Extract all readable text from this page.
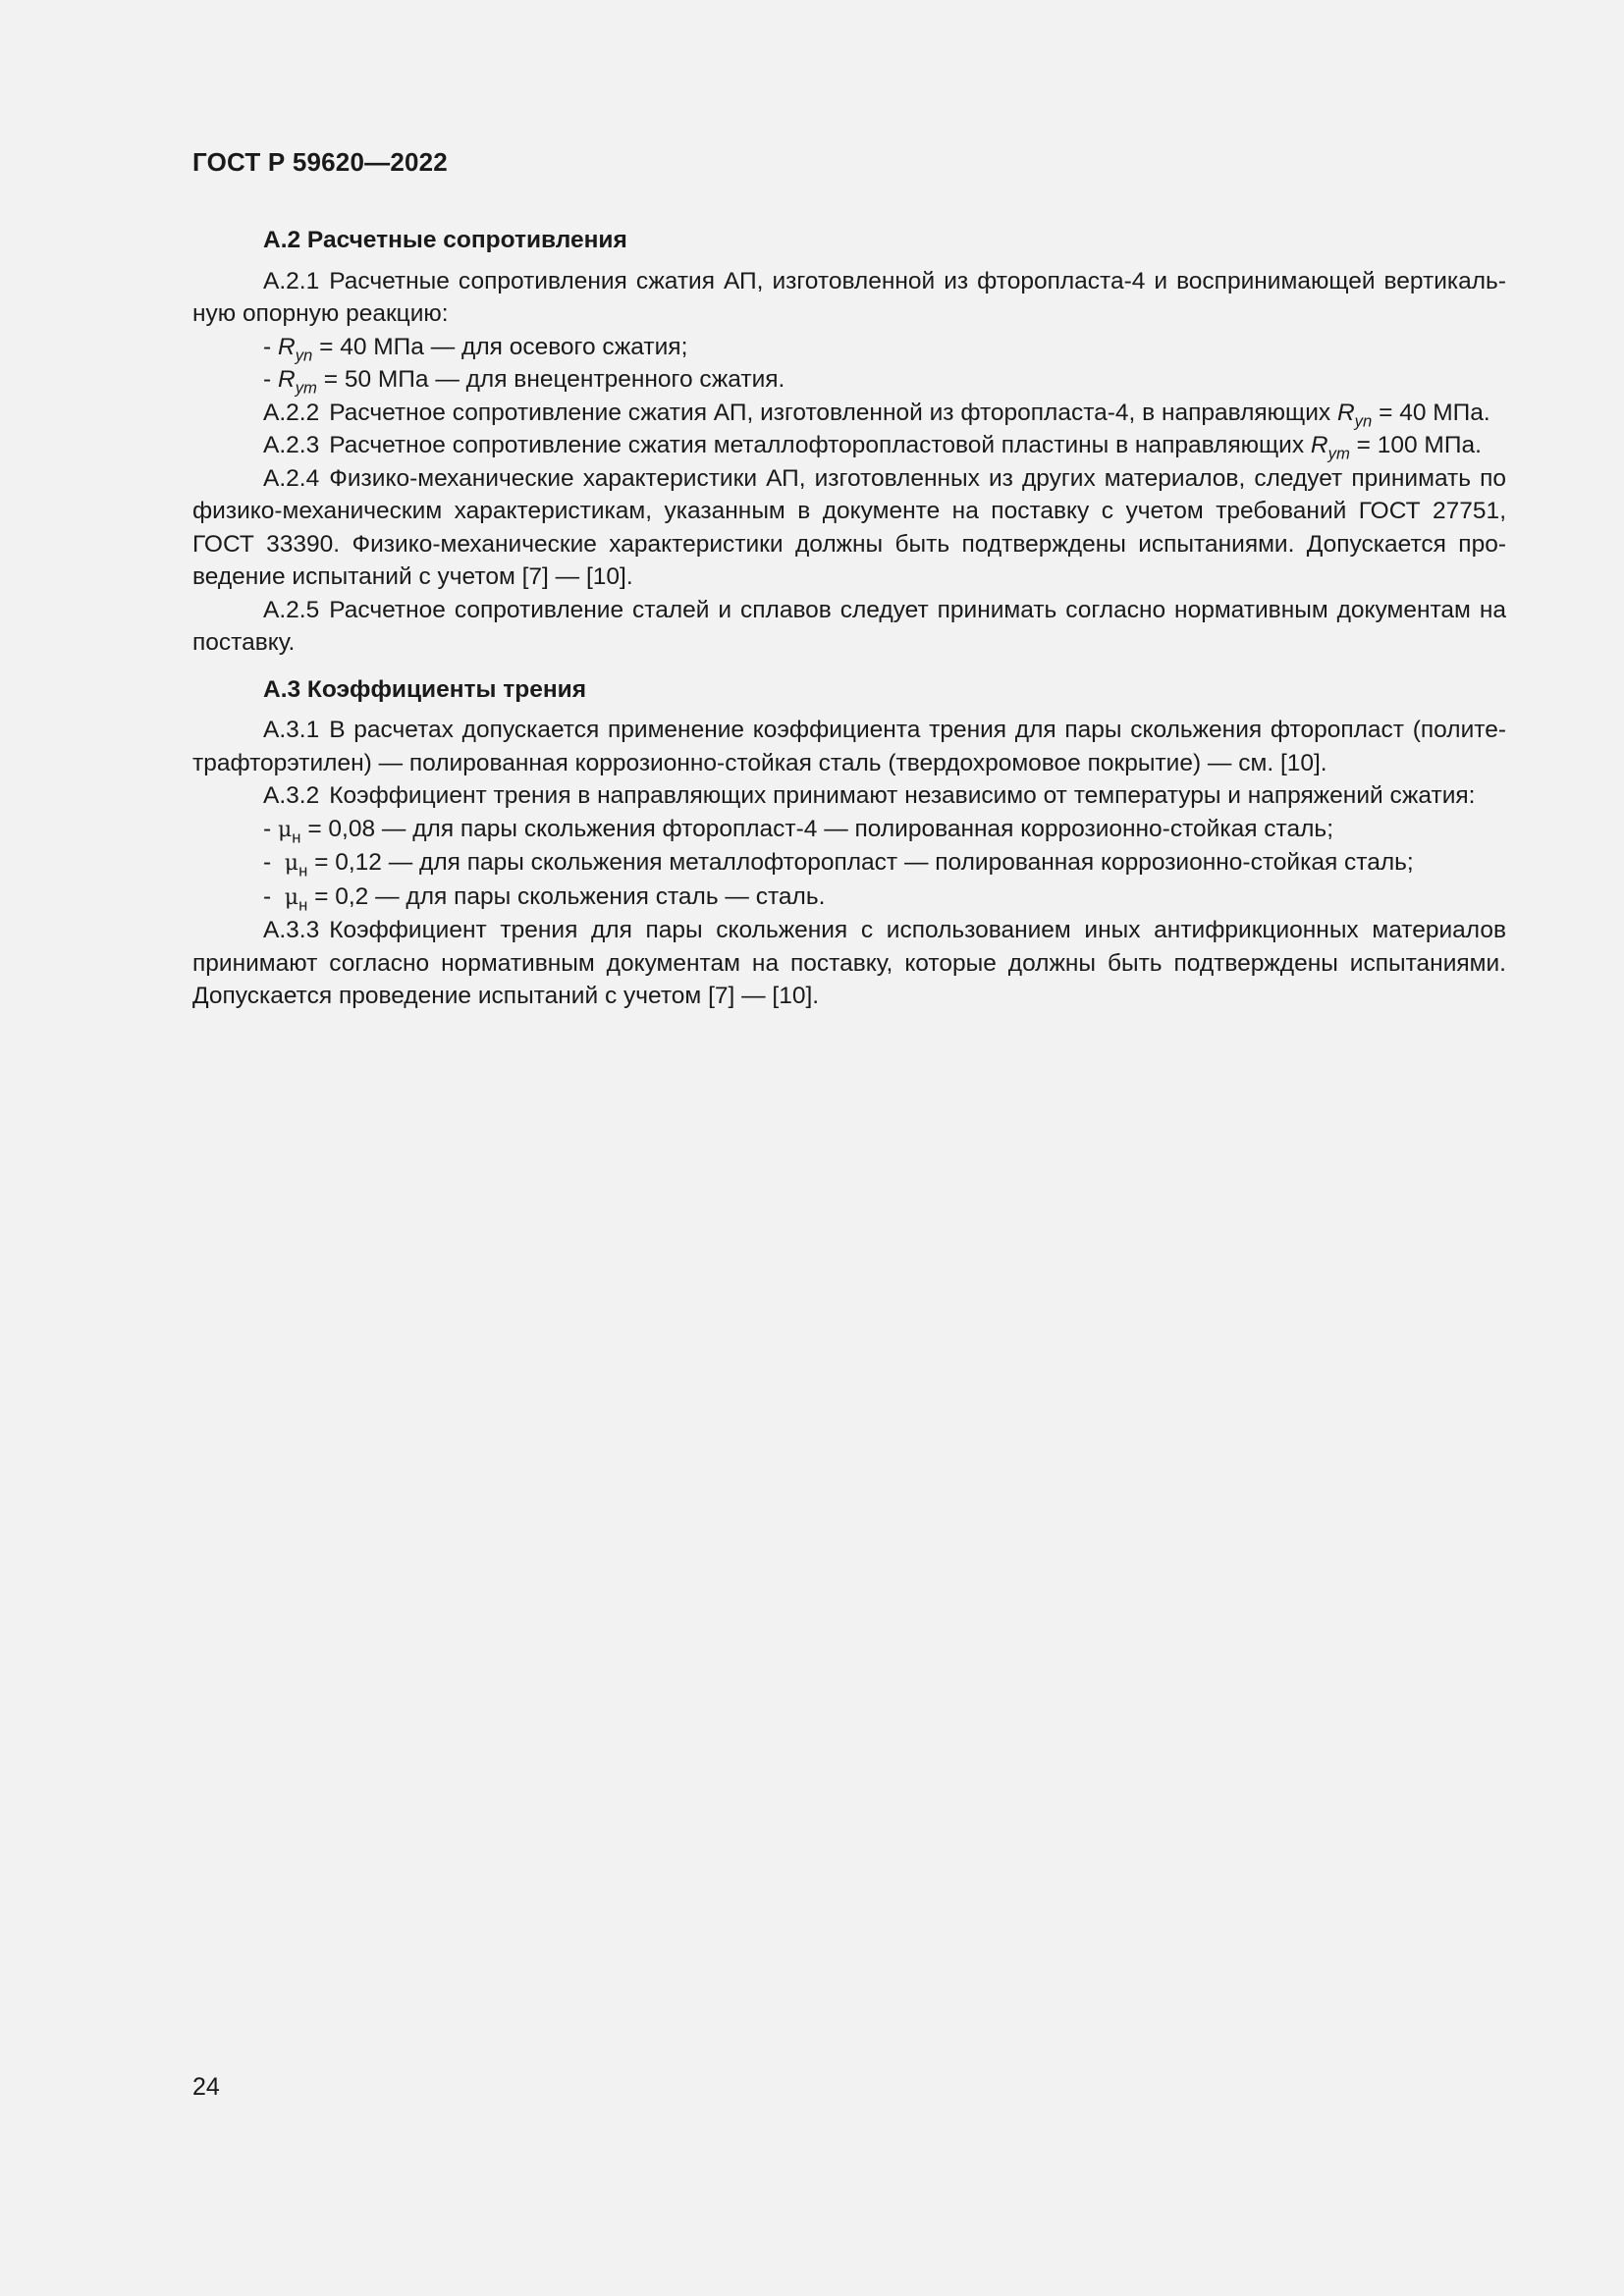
ГОСТ Р 59620—2022
А.2 Расчетные сопротивления

А.2.1 Расчетные сопротивления сжатия АП, изготовленной из фторопласта-4 и воспринимающей вертикальную опорную реакцию:

- $R_{yn} = 40$ МПа — для осевого сжатия;

- $R_{ym} = 50$ МПа — для внецентренного сжатия.

А.2.2 Расчетное сопротивление сжатия АП, изготовленной из фторопласта-4, в направляющих $R_{yn} = 40$ МПа.

А.2.3 Расчетное сопротивление сжатия металлофторопластовой пластины в направляющих $R_{ym} = 100$ МПа.

А.2.4 Физико-механические характеристики АП, изготовленных из других материалов, следует принимать по физико-механическим характеристикам, указанным в документе на поставку с учетом требований ГОСТ 27751, ГОСТ 33390. Физико-механические характеристики должны быть подтверждены испытаниями. Допускается проведение испытаний с учетом [7] — [10].

А.2.5 Расчетное сопротивление сталей и сплавов следует принимать согласно нормативным документам на поставку.

А.3 Коэффициенты трения

А.3.1 В расчетах допускается применение коэффициента трения для пары скольжения фторопласт (политетрафторэтилен) — полированная коррозионно-стойкая сталь (твердохромовое покрытие) — см. [10].

А.3.2 Коэффициент трения в направляющих принимают независимо от температуры и напряжений сжатия:

- $\mu_н = 0,08$ — для пары скольжения фторопласт-4 — полированная коррозионно-стойкая сталь;

- $\mu_н = 0,12$ — для пары скольжения металлофторопласт — полированная коррозионно-стойкая сталь;

- $\mu_н = 0,2$ — для пары скольжения сталь — сталь.

А.3.3 Коэффициент трения для пары скольжения с использованием иных антифрикционных материалов принимают согласно нормативным документам на поставку, которые должны быть подтверждены испытаниями. Допускается проведение испытаний с учетом [7] — [10].

24
